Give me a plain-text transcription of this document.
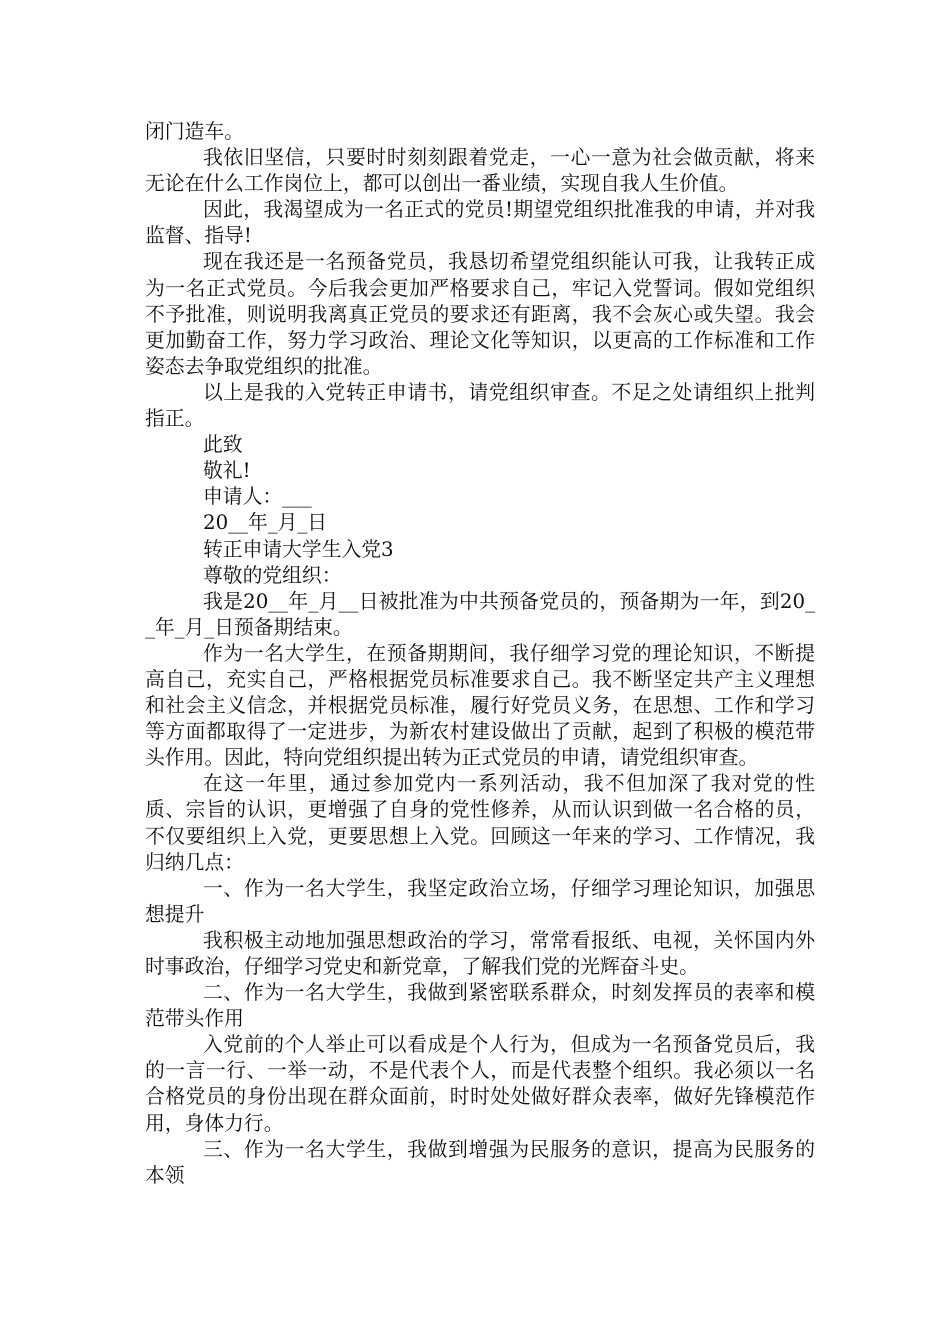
闭门造车。

我依旧坚信，只要时时刻刻跟着党走，一心一意为社会做贡献，将来无论在什么工作岗位上，都可以创出一番业绩，实现自我人生价值。

因此，我渴望成为一名正式的党员!期望党组织批准我的申请，并对我监督、指导!

现在我还是一名预备党员，我恳切希望党组织能认可我，让我转正成为一名正式党员。今后我会更加严格要求自己，牢记入党誓词。假如党组织不予批准，则说明我离真正党员的要求还有距离，我不会灰心或失望。我会更加勤奋工作，努力学习政治、理论文化等知识，以更高的工作标准和工作姿态去争取党组织的批准。

以上是我的入党转正申请书，请党组织审查。不足之处请组织上批判指正。

此致

敬礼!

申请人：___

20__年_月_日

转正申请大学生入党3

尊敬的党组织：

我是20__年_月__日被批准为中共预备党员的，预备期为一年，到20__年_月_日预备期结束。

作为一名大学生，在预备期期间，我仔细学习党的理论知识，不断提高自己，充实自己，严格根据党员标准要求自己。我不断坚定共产主义理想和社会主义信念，并根据党员标准，履行好党员义务，在思想、工作和学习等方面都取得了一定进步，为新农村建设做出了贡献，起到了积极的模范带头作用。因此，特向党组织提出转为正式党员的申请，请党组织审查。

在这一年里，通过参加党内一系列活动，我不但加深了我对党的性质、宗旨的认识，更增强了自身的党性修养，从而认识到做一名合格的员，不仅要组织上入党，更要思想上入党。回顾这一年来的学习、工作情况，我归纳几点：

一、作为一名大学生，我坚定政治立场，仔细学习理论知识，加强思想提升

我积极主动地加强思想政治的学习，常常看报纸、电视，关怀国内外时事政治，仔细学习党史和新党章，了解我们党的光辉奋斗史。

二、作为一名大学生，我做到紧密联系群众，时刻发挥员的表率和模范带头作用

入党前的个人举止可以看成是个人行为，但成为一名预备党员后，我的一言一行、一举一动，不是代表个人，而是代表整个组织。我必须以一名合格党员的身份出现在群众面前，时时处处做好群众表率，做好先锋模范作用，身体力行。

三、作为一名大学生，我做到增强为民服务的意识，提高为民服务的本领
